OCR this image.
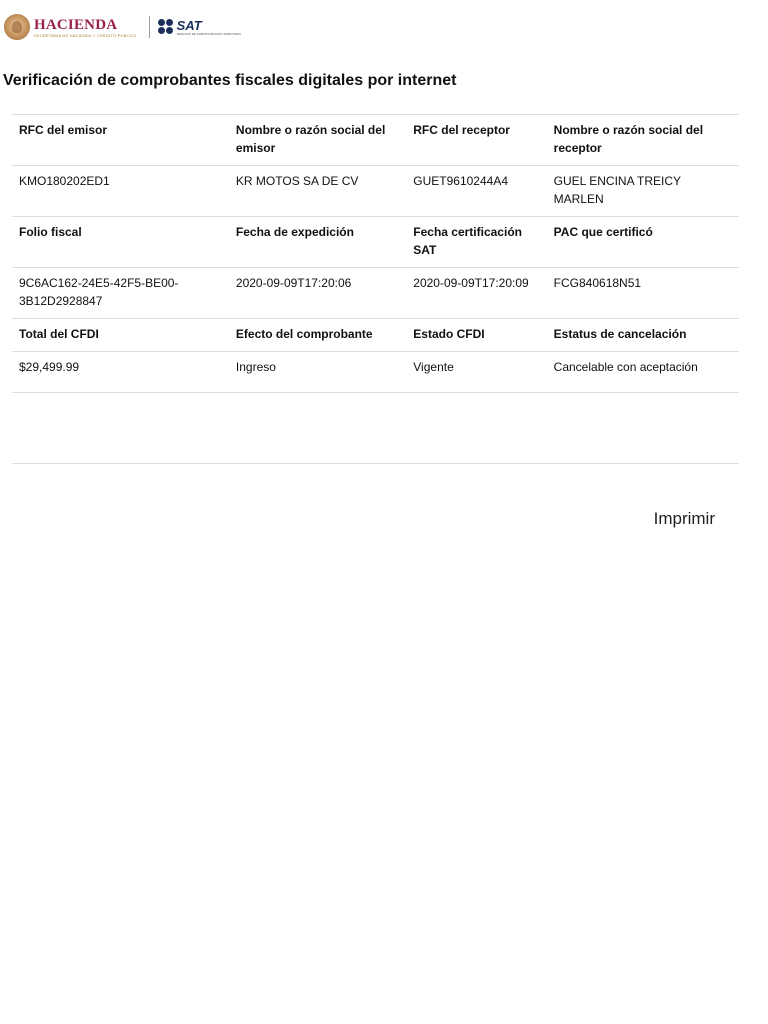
HACIENDA
SECRETARÍA DE HACIENDA Y CRÉDITO PÚBLICO
SAT
SERVICIO DE ADMINISTRACIÓN TRIBUTARIA
Verificación de comprobantes fiscales digitales por internet
RFC del emisor	Nombre o razón social del emisor	RFC del receptor	Nombre o razón social del receptor
KMO180202ED1	KR MOTOS SA DE CV	GUET9610244A4	GUEL ENCINA TREICY MARLEN
Folio fiscal	Fecha de expedición	Fecha certificación SAT	PAC que certificó
9C6AC162-24E5-42F5-BE00-3B12D2928847	2020-09-09T17:20:06	2020-09-09T17:20:09	FCG840618N51
Total del CFDI	Efecto del comprobante	Estado CFDI	Estatus de cancelación
$29,499.99	Ingreso	Vigente	Cancelable con aceptación
Imprimir
